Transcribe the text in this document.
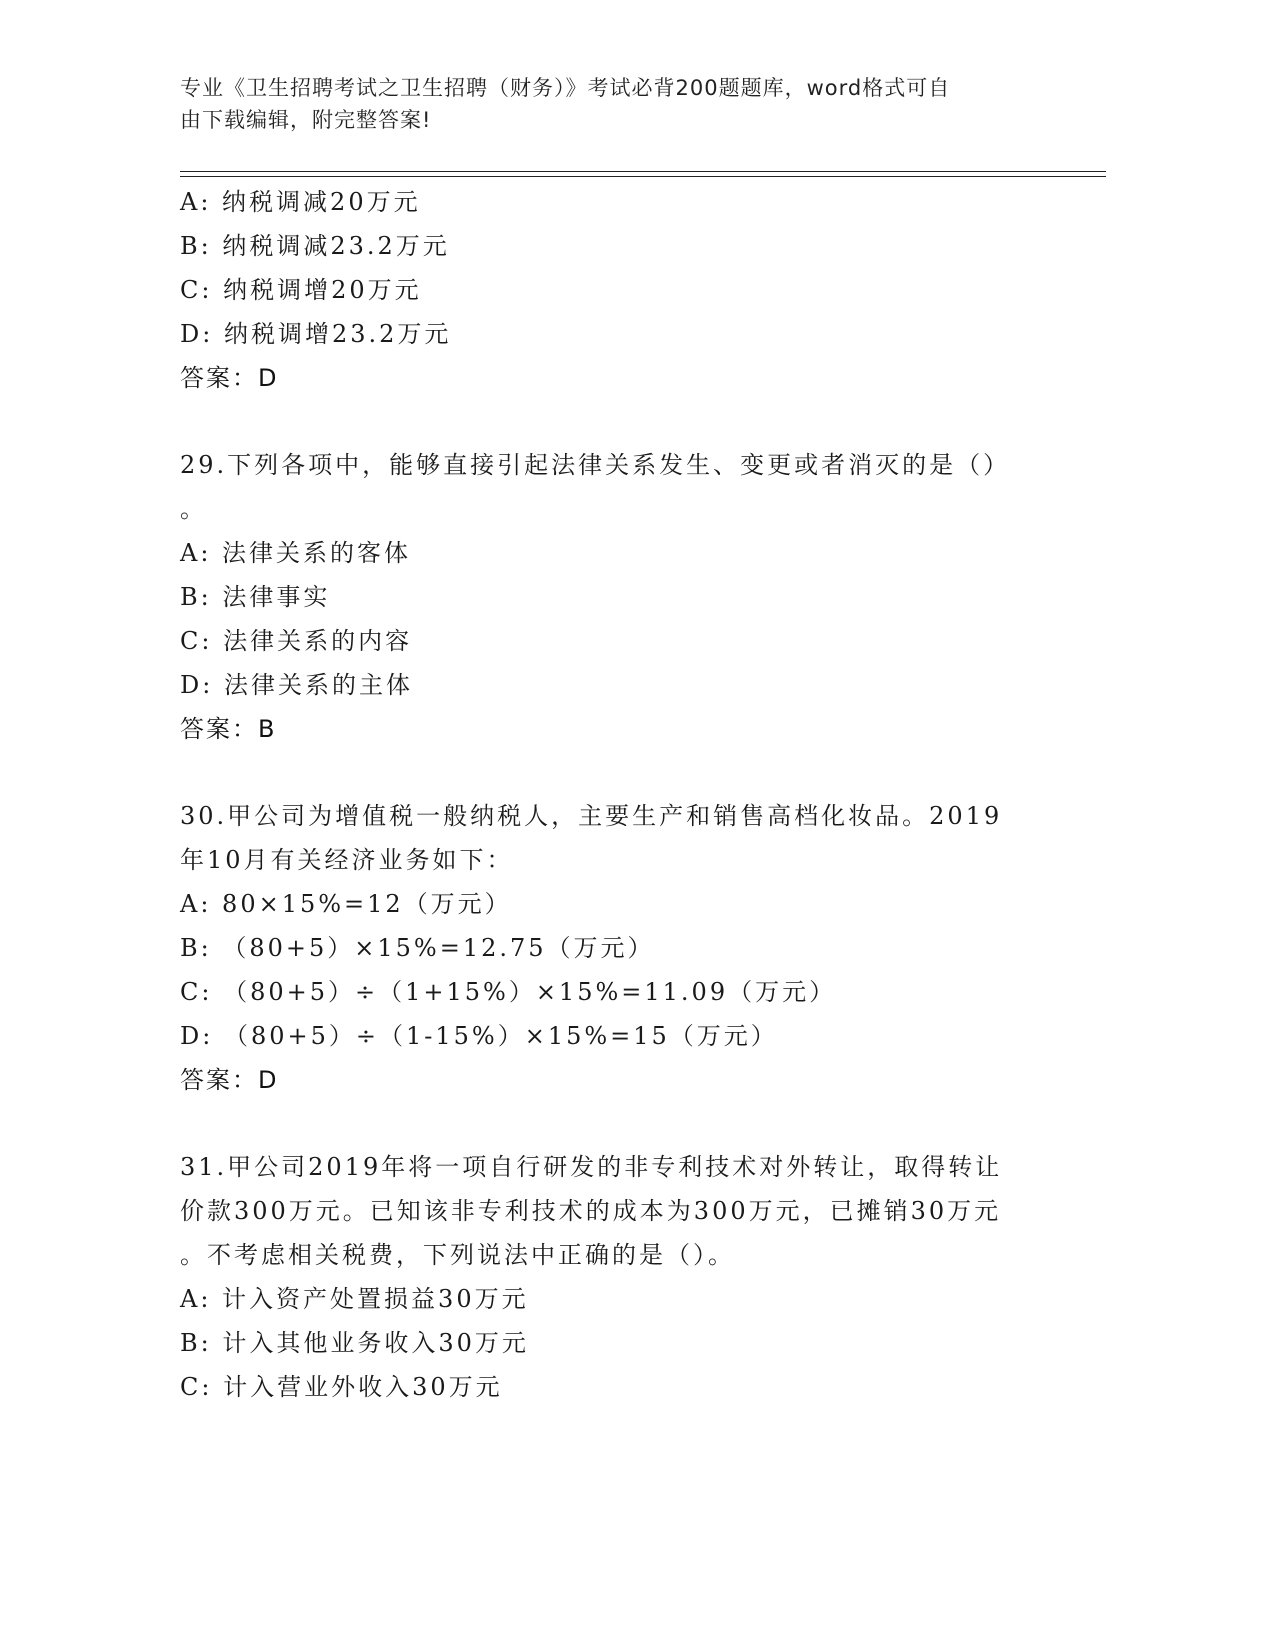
专业《卫生招聘考试之卫生招聘（财务）》考试必背200题题库，word格式可自
由下载编辑，附完整答案!
A: 纳税调减20万元
B: 纳税调减23.2万元
C: 纳税调增20万元
D: 纳税调增23.2万元
答案：D
29.下列各项中，能够直接引起法律关系发生、变更或者消灭的是（）
。
A: 法律关系的客体
B: 法律事实
C: 法律关系的内容
D: 法律关系的主体
答案：B
30.甲公司为增值税一般纳税人，主要生产和销售高档化妆品。2019
年10月有关经济业务如下：
A: 80×15%=12（万元）
B: （80+5）×15%=12.75（万元）
C: （80+5）÷（1+15%）×15%=11.09（万元）
D: （80+5）÷（1-15%）×15%=15（万元）
答案：D
31.甲公司2019年将一项自行研发的非专利技术对外转让，取得转让
价款300万元。已知该非专利技术的成本为300万元，已摊销30万元
。不考虑相关税费，下列说法中正确的是（）。
A: 计入资产处置损益30万元
B: 计入其他业务收入30万元
C: 计入营业外收入30万元
